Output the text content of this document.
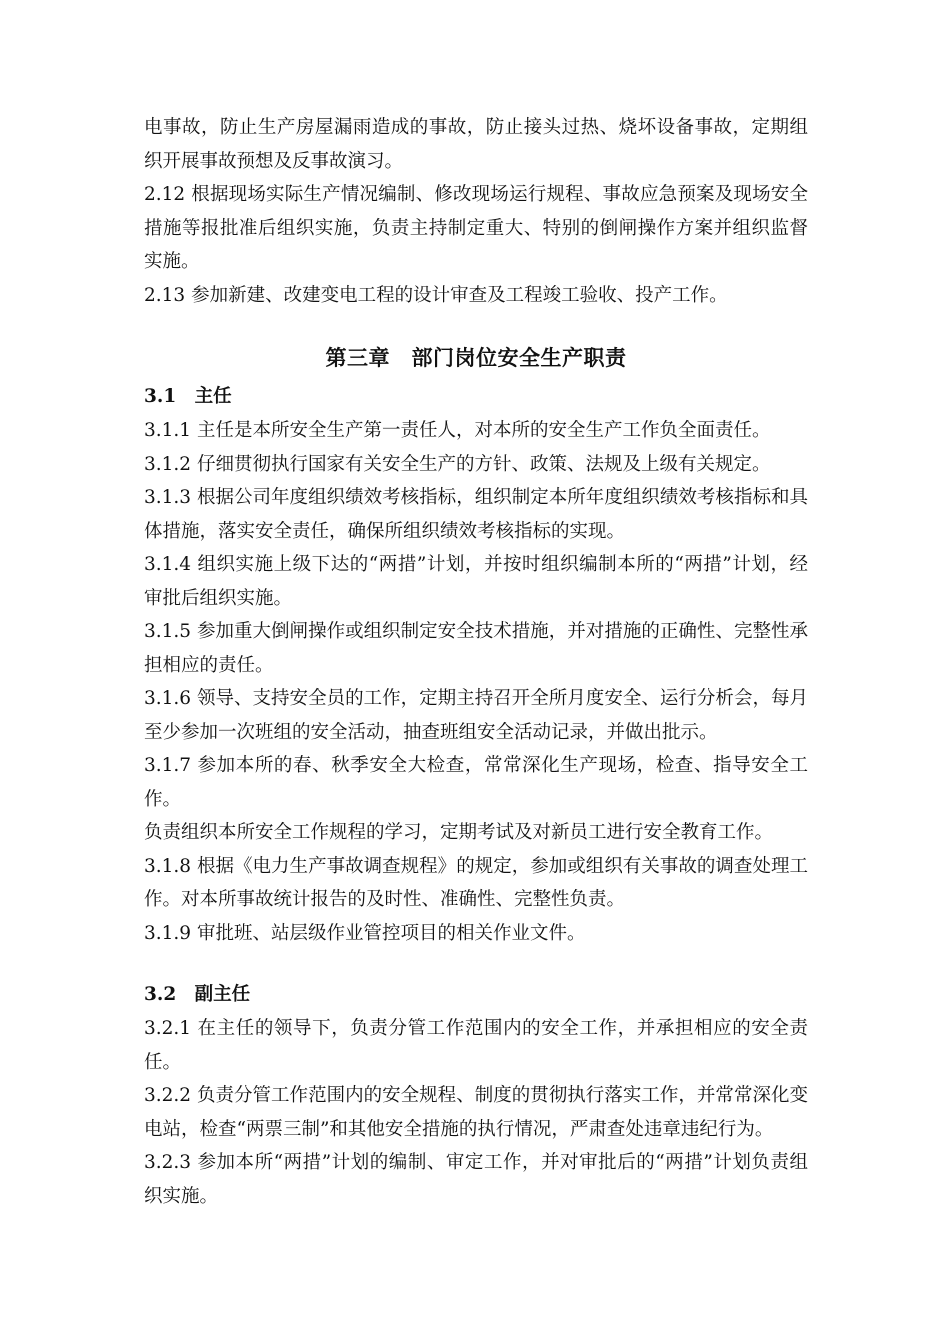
电事故，防止生产房屋漏雨造成的事故，防止接头过热、烧坏设备事故，定期组织开展事故预想及反事故演习。

2.12 根据现场实际生产情况编制、修改现场运行规程、事故应急预案及现场安全措施等报批准后组织实施，负责主持制定重大、特别的倒闸操作方案并组织监督实施。

2.13 参加新建、改建变电工程的设计审查及工程竣工验收、投产工作。

第三章　部门岗位安全生产职责
3.1　主任

3.1.1 主任是本所安全生产第一责任人，对本所的安全生产工作负全面责任。

3.1.2 仔细贯彻执行国家有关安全生产的方针、政策、法规及上级有关规定。

3.1.3 根据公司年度组织绩效考核指标，组织制定本所年度组织绩效考核指标和具体措施，落实安全责任，确保所组织绩效考核指标的实现。

3.1.4 组织实施上级下达的“两措”计划，并按时组织编制本所的“两措”计划，经审批后组织实施。

3.1.5 参加重大倒闸操作或组织制定安全技术措施，并对措施的正确性、完整性承担相应的责任。

3.1.6 领导、支持安全员的工作，定期主持召开全所月度安全、运行分析会，每月至少参加一次班组的安全活动，抽查班组安全活动记录，并做出批示。

3.1.7 参加本所的春、秋季安全大检查，常常深化生产现场，检查、指导安全工作。

负责组织本所安全工作规程的学习，定期考试及对新员工进行安全教育工作。

3.1.8 根据《电力生产事故调查规程》的规定，参加或组织有关事故的调查处理工作。对本所事故统计报告的及时性、准确性、完整性负责。

3.1.9 审批班、站层级作业管控项目的相关作业文件。

3.2　副主任

3.2.1 在主任的领导下，负责分管工作范围内的安全工作，并承担相应的安全责任。

3.2.2 负责分管工作范围内的安全规程、制度的贯彻执行落实工作，并常常深化变电站，检查“两票三制”和其他安全措施的执行情况，严肃查处违章违纪行为。

3.2.3 参加本所“两措”计划的编制、审定工作，并对审批后的“两措”计划负责组织实施。
